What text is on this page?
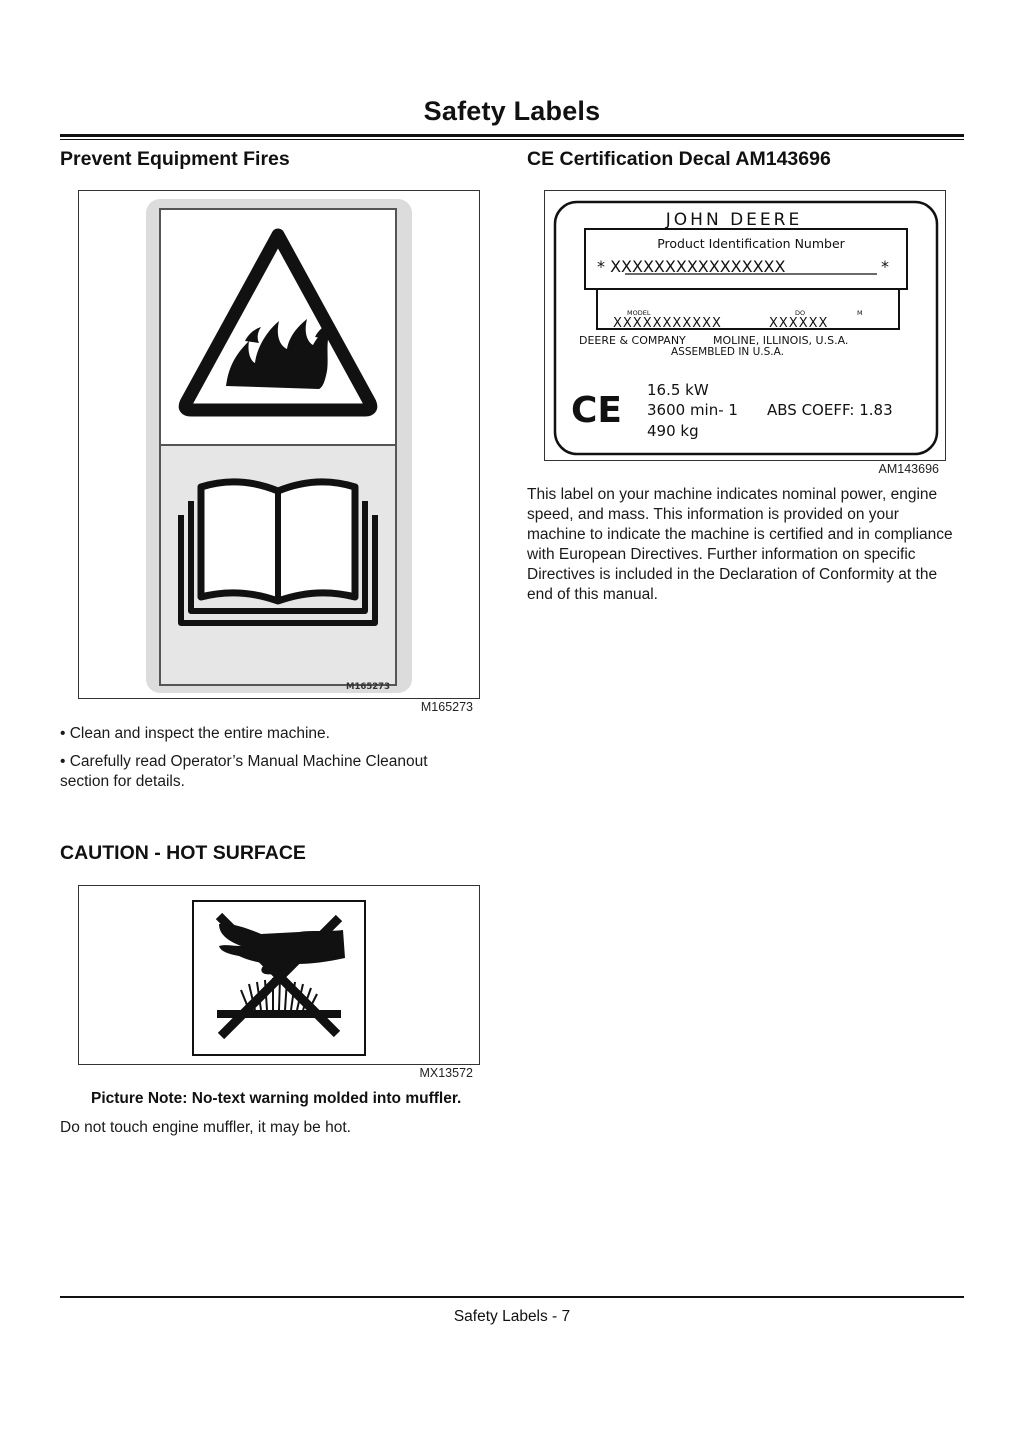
Safety Labels
Prevent Equipment Fires
M165273
M165273
• Clean and inspect the entire machine.
• Carefully read Operator’s Manual Machine Cleanout section for details.
CAUTION - HOT SURFACE
MX13572
Picture Note: No-text warning molded into muffler.
Do not touch engine muffler, it may be hot.
CE Certification Decal AM143696
JOHN DEERE
Product Identification Number
* XXXXXXXXXXXXXXXX	*
MODEL	DO	M
XXXXXXXXXXX	XXXXXX
DEERE & COMPANY MOLINE, ILLINOIS, U.S.A.
ASSEMBLED IN U.S.A.
CE 16.5 kW
3600 min- 1
490 kg
ABS COEFF: 1.83
AM143696
This label on your machine indicates nominal power, engine speed, and mass. This information is provided on your machine to indicate the machine is certified and in compliance with European Directives. Further information on specific Directives is included in the Declaration of Conformity at the end of this manual.
Safety Labels - 7
